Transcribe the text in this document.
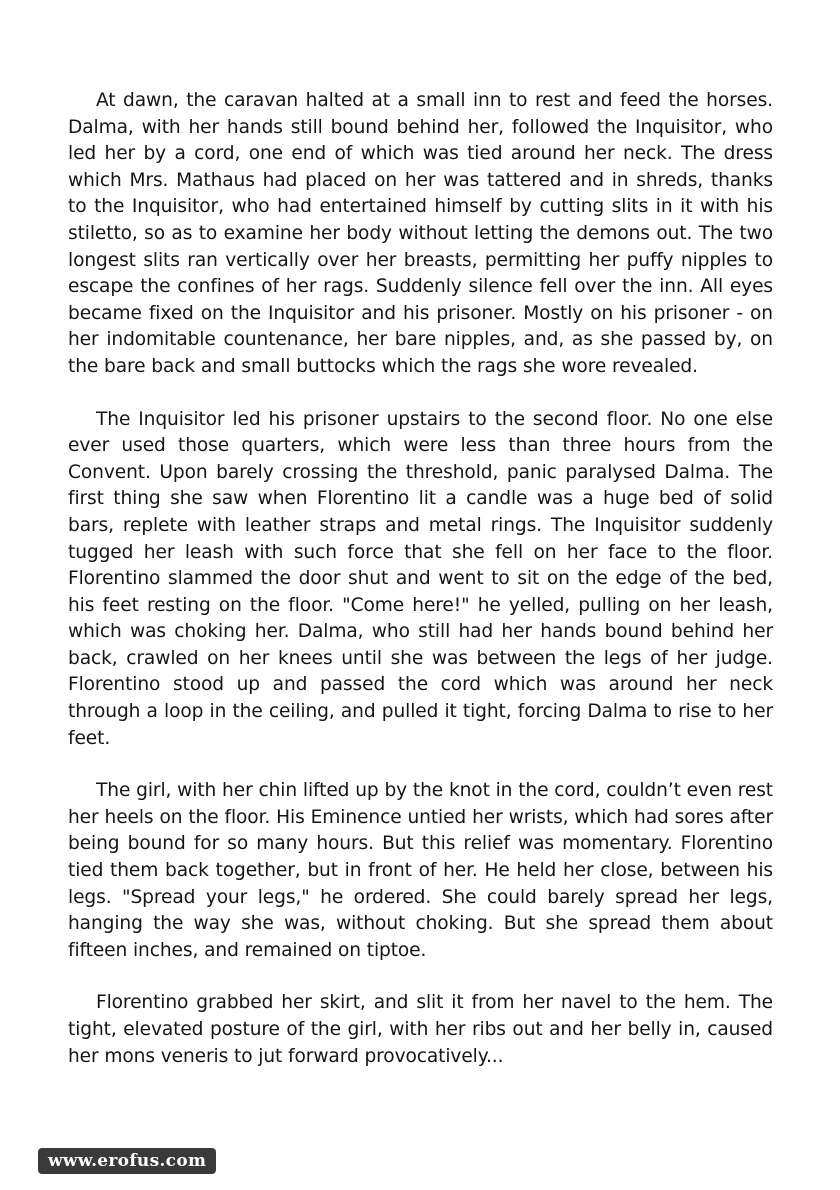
At dawn, the caravan halted at a small inn to rest and feed the horses. Dalma, with her hands still bound behind her, followed the Inquisitor, who led her by a cord, one end of which was tied around her neck. The dress which Mrs. Mathaus had placed on her was tattered and in shreds, thanks to the Inquisitor, who had entertained himself by cutting slits in it with his stiletto, so as to examine her body without letting the demons out. The two longest slits ran vertically over her breasts, permitting her puffy nipples to escape the confines of her rags. Suddenly silence fell over the inn. All eyes became fixed on the Inquisitor and his prisoner. Mostly on his prisoner - on her indomitable countenance, her bare nipples, and, as she passed by, on the bare back and small buttocks which the rags she wore revealed.

The Inquisitor led his prisoner upstairs to the second floor. No one else ever used those quarters, which were less than three hours from the Convent. Upon barely crossing the threshold, panic paralysed Dalma. The first thing she saw when Florentino lit a candle was a huge bed of solid bars, replete with leather straps and metal rings. The Inquisitor suddenly tugged her leash with such force that she fell on her face to the floor. Florentino slammed the door shut and went to sit on the edge of the bed, his feet resting on the floor. "Come here!" he yelled, pulling on her leash, which was choking her. Dalma, who still had her hands bound behind her back, crawled on her knees until she was between the legs of her judge. Florentino stood up and passed the cord which was around her neck through a loop in the ceiling, and pulled it tight, forcing Dalma to rise to her feet.

The girl, with her chin lifted up by the knot in the cord, couldn’t even rest her heels on the floor. His Eminence untied her wrists, which had sores after being bound for so many hours. But this relief was momentary. Florentino tied them back together, but in front of her. He held her close, between his legs. "Spread your legs," he ordered. She could barely spread her legs, hanging the way she was, without choking. But she spread them about fifteen inches, and remained on tiptoe.

Florentino grabbed her skirt, and slit it from her navel to the hem. The tight, elevated posture of the girl, with her ribs out and her belly in, caused her mons veneris to jut forward provocatively...

www.erofus.com
